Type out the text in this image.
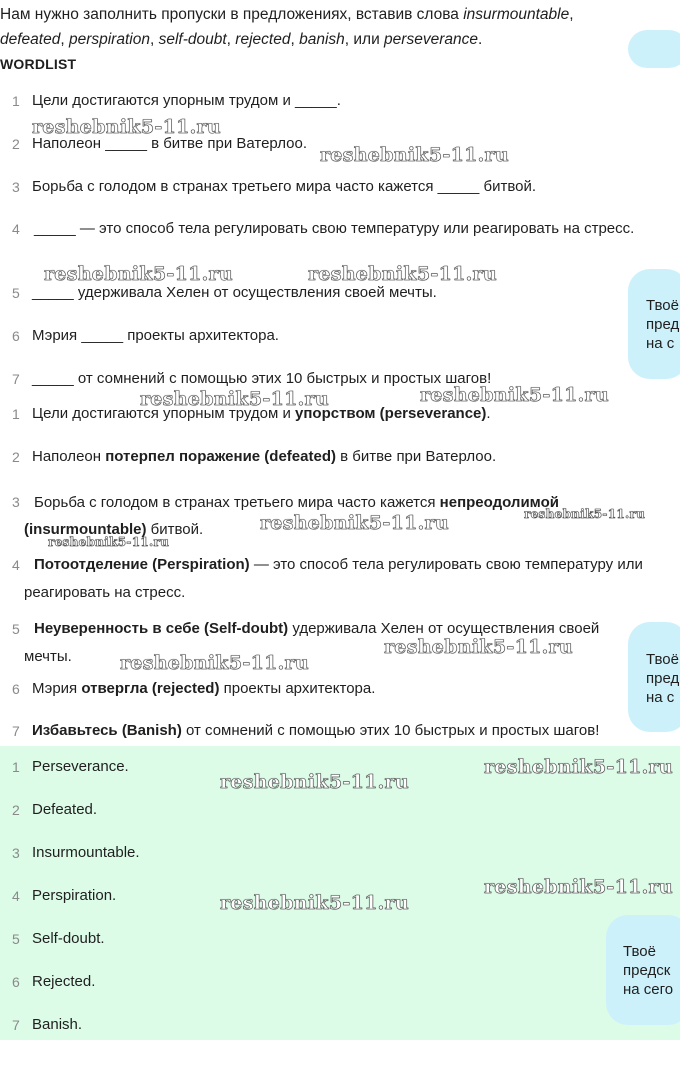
Нам нужно заполнить пропуски в предложениях, вставив слова insurmountable, defeated, perspiration, self-doubt, rejected, banish, или perseverance.
WORDLIST
1 Цели достигаются упорным трудом и _____.
2 Наполеон _____ в битве при Ватерлоо.
3 Борьба с голодом в странах третьего мира часто кажется _____ битвой.
4 _____ — это способ тела регулировать свою температуру или реагировать на стресс.
5 _____ удерживала Хелен от осуществления своей мечты.
6 Мэрия _____ проекты архитектора.
7 _____ от сомнений с помощью этих 10 быстрых и простых шагов!
1 Цели достигаются упорным трудом и упорством (perseverance).
2 Наполеон потерпел поражение (defeated) в битве при Ватерлоо.
3 Борьба с голодом в странах третьего мира часто кажется непреодолимой (insurmountable) битвой.
4 Потоотделение (Perspiration) — это способ тела регулировать свою температуру или реагировать на стресс.
5 Неуверенность в себе (Self-doubt) удерживала Хелен от осуществления своей мечты.
6 Мэрия отвергла (rejected) проекты архитектора.
7 Избавьтесь (Banish) от сомнений с помощью этих 10 быстрых и простых шагов!
1 Perseverance.
2 Defeated.
3 Insurmountable.
4 Perspiration.
5 Self-doubt.
6 Rejected.
7 Banish.
Твоё
пред
на с
Твоё
пред
на с
Твоё
предск
на сего
reshebnik5-11.ru
reshebnik5-11.ru
reshebnik5-11.ru	reshebnik5-11.ru
reshebnik5-11.ru	reshebnik5-11.ru
reshebnik5-11.ru	reshebnik5-11.ru
reshebnik5-11.ru
reshebnik5-11.ru
reshebnik5-11.ru
reshebnik5-11.ru
reshebnik5-11.ru
reshebnik5-11.ru
reshebnik5-11.ru
